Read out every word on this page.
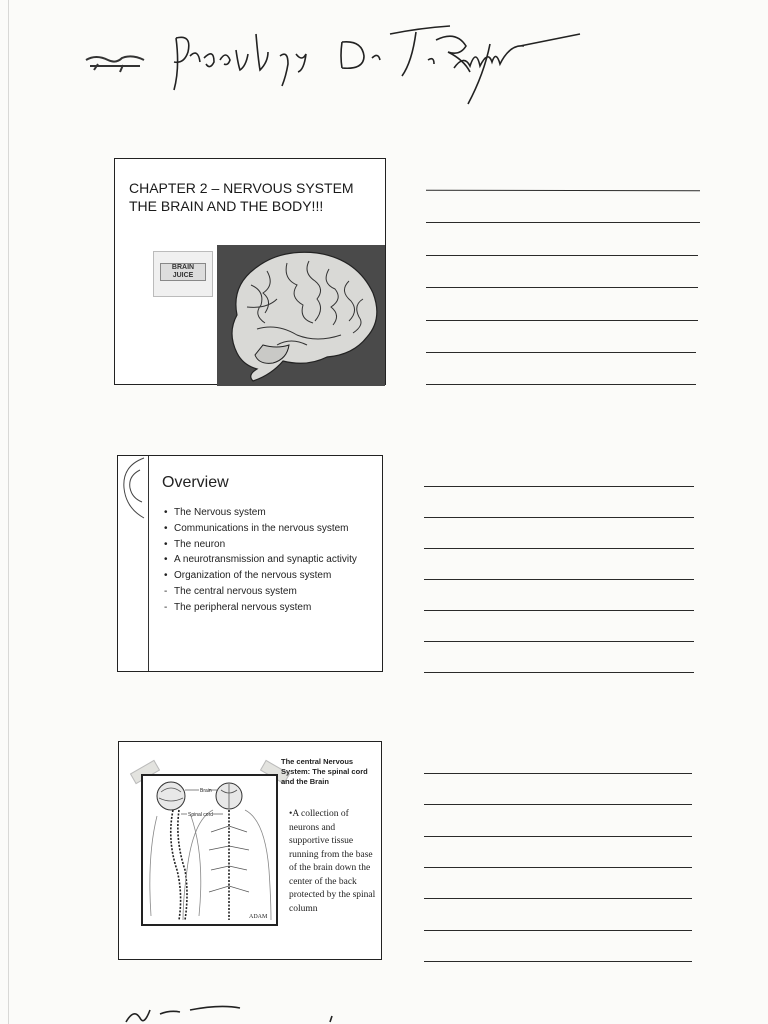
CHAPTER 2 – NERVOUS SYSTEM
THE BRAIN AND THE BODY!!!
BRAIN JUICE
Overview
• The Nervous system
• Communications in the nervous system
• The neuron
• A neurotransmission and synaptic activity
• Organization of the nervous system
- The central nervous system
- The peripheral nervous system
Brain
Spinal cord
ADAM
The central Nervous System: The spinal cord and the Brain
•A collection of neurons and supportive tissue running from the base of the brain down the center of the back protected by the spinal column
